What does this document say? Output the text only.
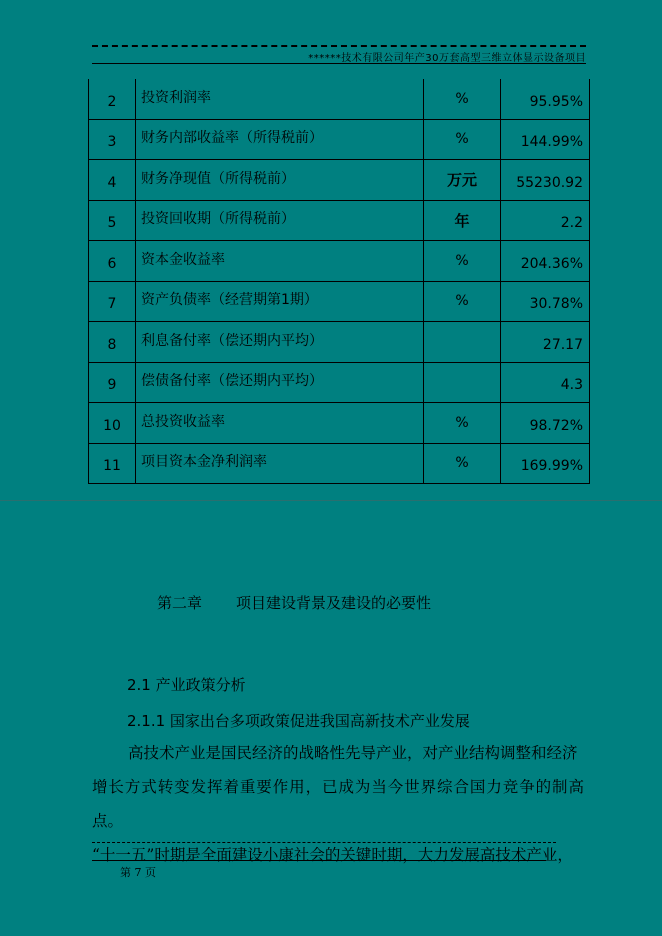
******技术有限公司年产30万套高型三维立体显示设备项目
2	投资利润率	%	95.95%
3	财务内部收益率（所得税前）	%	144.99%
4	财务净现值（所得税前）	万元	55230.92
5	投资回收期（所得税前）	年	2.2
6	资本金收益率	%	204.36%
7	资产负债率（经营期第1期）	%	30.78%
8	利息备付率（偿还期内平均）		27.17
9	偿债备付率（偿还期内平均）		4.3
10	总投资收益率	%	98.72%
11	项目资本金净利润率	%	169.99%
第二章 项目建设背景及建设的必要性
2.1 产业政策分析
2.1.1 国家出台多项政策促进我国高新技术产业发展

高技术产业是国民经济的战略性先导产业，对产业结构调整和经济

增长方式转变发挥着重要作用，已成为当今世界综合国力竞争的制高点。

“十一五”时期是全面建设小康社会的关键时期，大力发展高技术产业，

第 7 页
